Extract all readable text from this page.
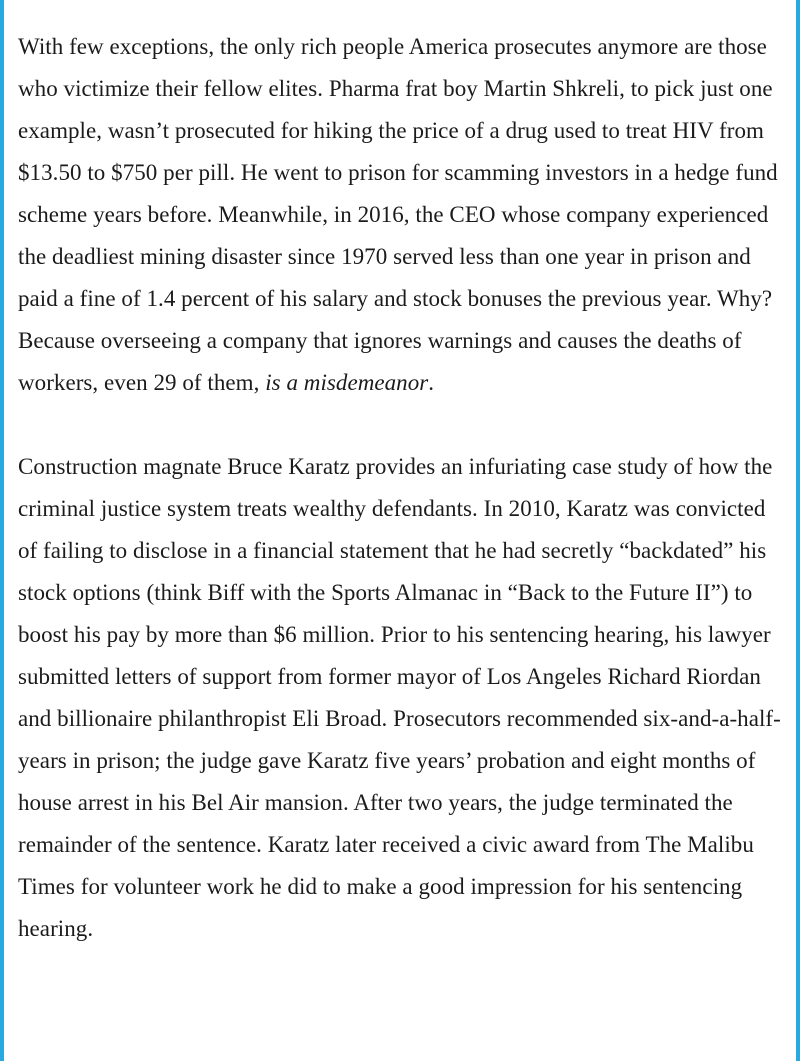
With few exceptions, the only rich people America prosecutes anymore are those who victimize their fellow elites. Pharma frat boy Martin Shkreli, to pick just one example, wasn’t prosecuted for hiking the price of a drug used to treat HIV from $13.50 to $750 per pill. He went to prison for scamming investors in a hedge fund scheme years before. Meanwhile, in 2016, the CEO whose company experienced the deadliest mining disaster since 1970 served less than one year in prison and paid a fine of 1.4 percent of his salary and stock bonuses the previous year. Why? Because overseeing a company that ignores warnings and causes the deaths of workers, even 29 of them, is a misdemeanor.

Construction magnate Bruce Karatz provides an infuriating case study of how the criminal justice system treats wealthy defendants. In 2010, Karatz was convicted of failing to disclose in a financial statement that he had secretly “backdated” his stock options (think Biff with the Sports Almanac in “Back to the Future II”) to boost his pay by more than $6 million. Prior to his sentencing hearing, his lawyer submitted letters of support from former mayor of Los Angeles Richard Riordan and billionaire philanthropist Eli Broad. Prosecutors recommended six-and-a-half-years in prison; the judge gave Karatz five years’ probation and eight months of house arrest in his Bel Air mansion. After two years, the judge terminated the remainder of the sentence. Karatz later received a civic award from The Malibu Times for volunteer work he did to make a good impression for his sentencing hearing.
